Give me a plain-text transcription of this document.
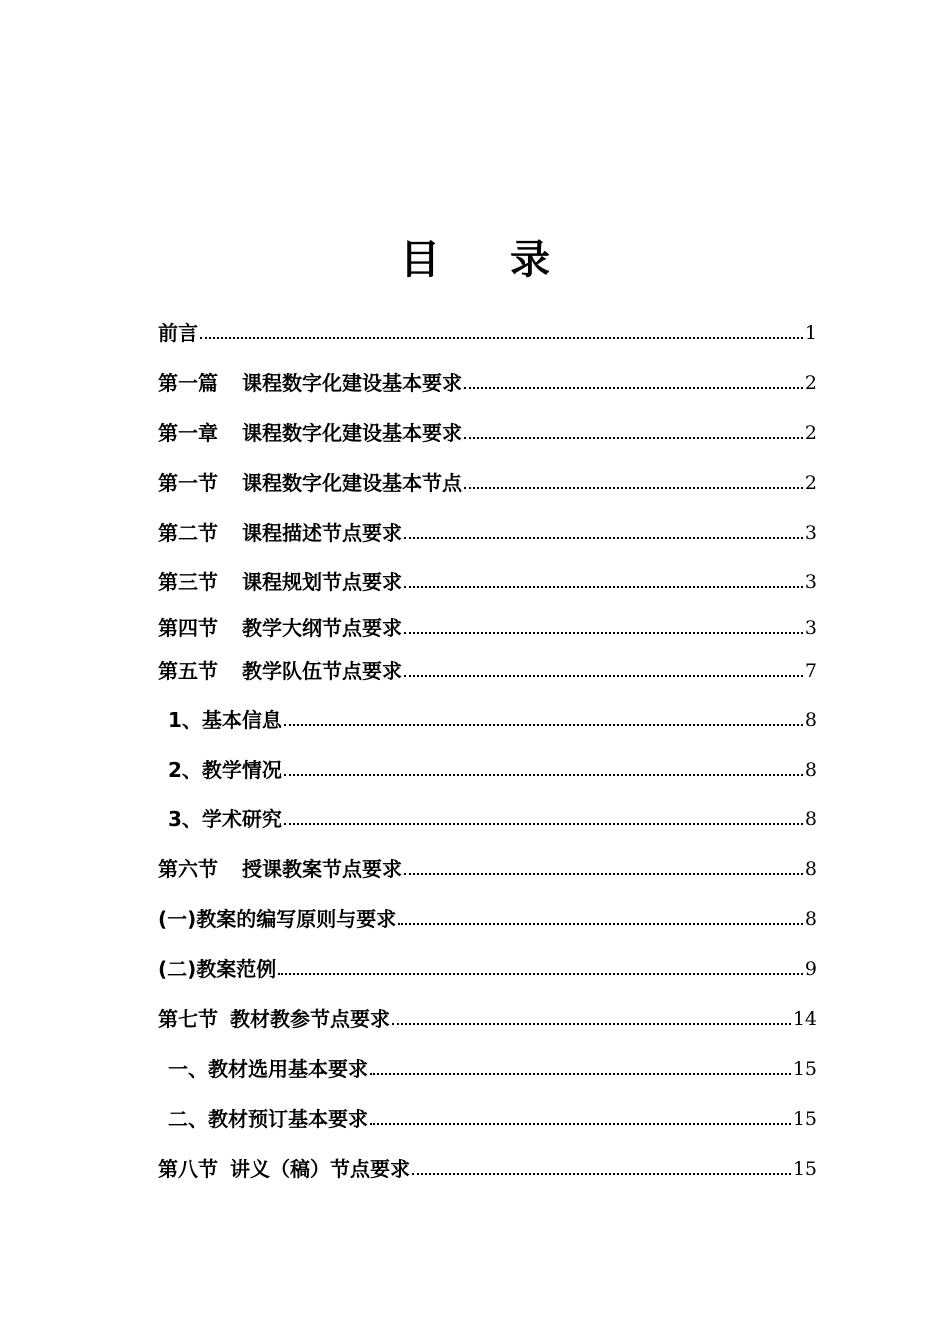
目 录
前言	1
第一篇 课程数字化建设基本要求	2
第一章 课程数字化建设基本要求	2
第一节 课程数字化建设基本节点	2
第二节 课程描述节点要求	3
第三节 课程规划节点要求	3
第四节 教学大纲节点要求	3
第五节 教学队伍节点要求	7
1、基本信息	8
2、教学情况	8
3、学术研究	8
第六节 授课教案节点要求	8
(一)教案的编写原则与要求	8
(二)教案范例	9
第七节 教材教参节点要求	14
一、教材选用基本要求	15
二、教材预订基本要求	15
第八节 讲义（稿）节点要求	15
